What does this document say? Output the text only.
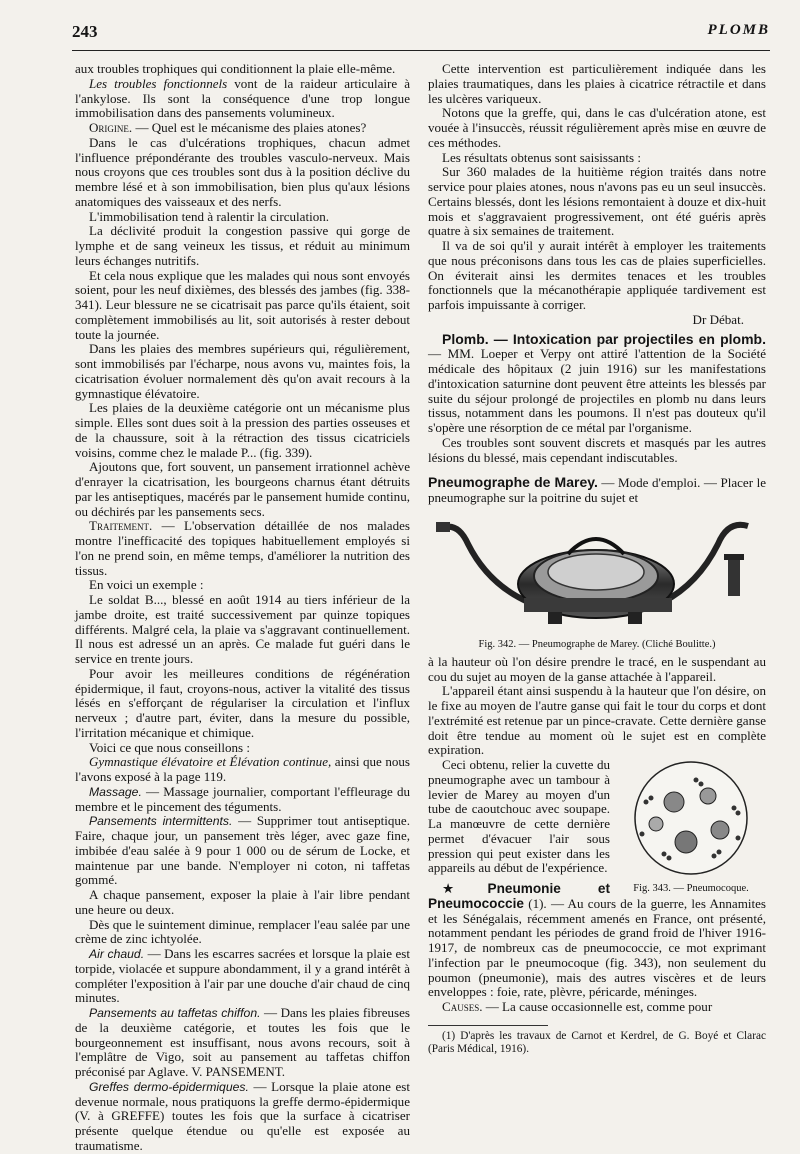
243	PLOMB

aux troubles trophiques qui conditionnent la plaie elle-même.

Les troubles fonctionnels vont de la raideur articulaire à l'ankylose. Ils sont la conséquence d'une trop longue immobilisation dans des pansements volumineux.

Origine. — Quel est le mécanisme des plaies atones?

Dans le cas d'ulcérations trophiques, chacun admet l'influence prépondérante des troubles vasculo-nerveux. Mais nous croyons que ces troubles sont dus à la position déclive du membre lésé et à son immobilisation, bien plus qu'aux lésions anatomiques des vaisseaux et des nerfs.

L'immobilisation tend à ralentir la circulation.

La déclivité produit la congestion passive qui gorge de lymphe et de sang veineux les tissus, et réduit au minimum leurs échanges nutritifs.

Et cela nous explique que les malades qui nous sont envoyés soient, pour les neuf dixièmes, des blessés des jambes (fig. 338-341). Leur blessure ne se cicatrisait pas parce qu'ils étaient, soit complètement immobilisés au lit, soit autorisés à rester debout toute la journée.

Dans les plaies des membres supérieurs qui, régulièrement, sont immobilisés par l'écharpe, nous avons vu, maintes fois, la cicatrisation évoluer normalement dès qu'on avait recours à la gymnastique élévatoire.

Les plaies de la deuxième catégorie ont un mécanisme plus simple. Elles sont dues soit à la pression des parties osseuses et de la chaussure, soit à la rétraction des tissus cicatriciels voisins, comme chez le malade P... (fig. 339).

Ajoutons que, fort souvent, un pansement irrationnel achève d'enrayer la cicatrisation, les bourgeons charnus étant détruits par les antiseptiques, macérés par le pansement humide continu, ou déchirés par les pansements secs.

Traitement. — L'observation détaillée de nos malades montre l'inefficacité des topiques habituellement employés si l'on ne prend soin, en même temps, d'améliorer la nutrition des tissus.

En voici un exemple :

Le soldat B..., blessé en août 1914 au tiers inférieur de la jambe droite, est traité successivement par quinze topiques différents. Malgré cela, la plaie va s'aggravant continuellement. Il nous est adressé un an après. Ce malade fut guéri dans le service en trente jours.

Pour avoir les meilleures conditions de régénération épidermique, il faut, croyons-nous, activer la vitalité des tissus lésés en s'efforçant de régulariser la circulation et l'influx nerveux ; d'autre part, éviter, dans la mesure du possible, l'irritation mécanique et chimique.

Voici ce que nous conseillons :

Gymnastique élévatoire et Élévation continue, ainsi que nous l'avons exposé à la page 119.

Massage. — Massage journalier, comportant l'effleurage du membre et le pincement des téguments.

Pansements intermittents. — Supprimer tout antiseptique. Faire, chaque jour, un pansement très léger, avec gaze fine, imbibée d'eau salée à 9 pour 1 000 ou de sérum de Locke, et maintenue par une bande. N'employer ni coton, ni taffetas gommé.

A chaque pansement, exposer la plaie à l'air libre pendant une heure ou deux.

Dès que le suintement diminue, remplacer l'eau salée par une crème de zinc ichtyolée.

Air chaud. — Dans les escarres sacrées et lorsque la plaie est torpide, violacée et suppure abondamment, il y a grand intérêt à compléter l'exposition à l'air par une douche d'air chaud de cinq minutes.

Pansements au taffetas chiffon. — Dans les plaies fibreuses de la deuxième catégorie, et toutes les fois que le bourgeonnement est insuffisant, nous avons recours, soit à l'emplâtre de Vigo, soit au pansement au taffetas chiffon préconisé par Aglave. V. PANSEMENT.

Greffes dermo-épidermiques. — Lorsque la plaie atone est devenue normale, nous pratiquons la greffe dermo-épidermique (V. à GREFFE) toutes les fois que la surface à cicatriser présente quelque étendue ou qu'elle est exposée au traumatisme.

Cette intervention est particulièrement indiquée dans les plaies traumatiques, dans les plaies à cicatrice rétractile et dans les ulcères variqueux.

Notons que la greffe, qui, dans le cas d'ulcération atone, est vouée à l'insuccès, réussit régulièrement après mise en œuvre de ces méthodes.

Les résultats obtenus sont saisissants :

Sur 360 malades de la huitième région traités dans notre service pour plaies atones, nous n'avons pas eu un seul insuccès. Certains blessés, dont les lésions remontaient à douze et dix-huit mois et s'aggravaient progressivement, ont été guéris après quatre à six semaines de traitement.

Il va de soi qu'il y aurait intérêt à employer les traitements que nous préconisons dans tous les cas de plaies superficielles. On éviterait ainsi les dermites tenaces et les troubles fonctionnels que la mécanothérapie appliquée tardivement est parfois impuissante à corriger.

Dr Débat.

Plomb. — Intoxication par projectiles en plomb. — MM. Loeper et Verpy ont attiré l'attention de la Société médicale des hôpitaux (2 juin 1916) sur les manifestations d'intoxication saturnine dont peuvent être atteints les blessés par suite du séjour prolongé de projectiles en plomb nu dans leurs tissus, notamment dans les poumons. Il n'est pas douteux qu'il s'opère une résorption de ce métal par l'organisme.

Ces troubles sont souvent discrets et masqués par les autres lésions du blessé, mais cependant indiscutables.

Pneumographe de Marey. — Mode d'emploi. — Placer le pneumographe sur la poitrine du sujet et

Fig. 342. — Pneumographe de Marey. (Cliché Boulitte.)

à la hauteur où l'on désire prendre le tracé, en le suspendant au cou du sujet au moyen de la ganse attachée à l'appareil.

L'appareil étant ainsi suspendu à la hauteur que l'on désire, on le fixe au moyen de l'autre ganse qui fait le tour du corps et dont l'extrémité est retenue par un pince-cravate. Cette dernière ganse doit être tendue au moment où le sujet est en complète expiration.

Fig. 343. — Pneumocoque.

Ceci obtenu, relier la cuvette du pneumographe avec un tambour à levier de Marey au moyen d'un tube de caoutchouc avec soupape. La manœuvre de cette dernière permet d'évacuer l'air sous pression qui peut exister dans les appareils au début de l'expérience.

★Pneumonie et Pneumococcie (1). — Au cours de la guerre, les Annamites et les Sénégalais, récemment amenés en France, ont présenté, notamment pendant les périodes de grand froid de l'hiver 1916-1917, de nombreux cas de pneumococcie, ce mot exprimant l'infection par le pneumocoque (fig. 343), non seulement du poumon (pneumonie), mais des autres viscères et de leurs enveloppes : foie, rate, plèvre, péricarde, méninges.

Causes. — La cause occasionnelle est, comme pour

(1) D'après les travaux de Carnot et Kerdrel, de G. Boyé et Clarac (Paris Médical, 1916).
